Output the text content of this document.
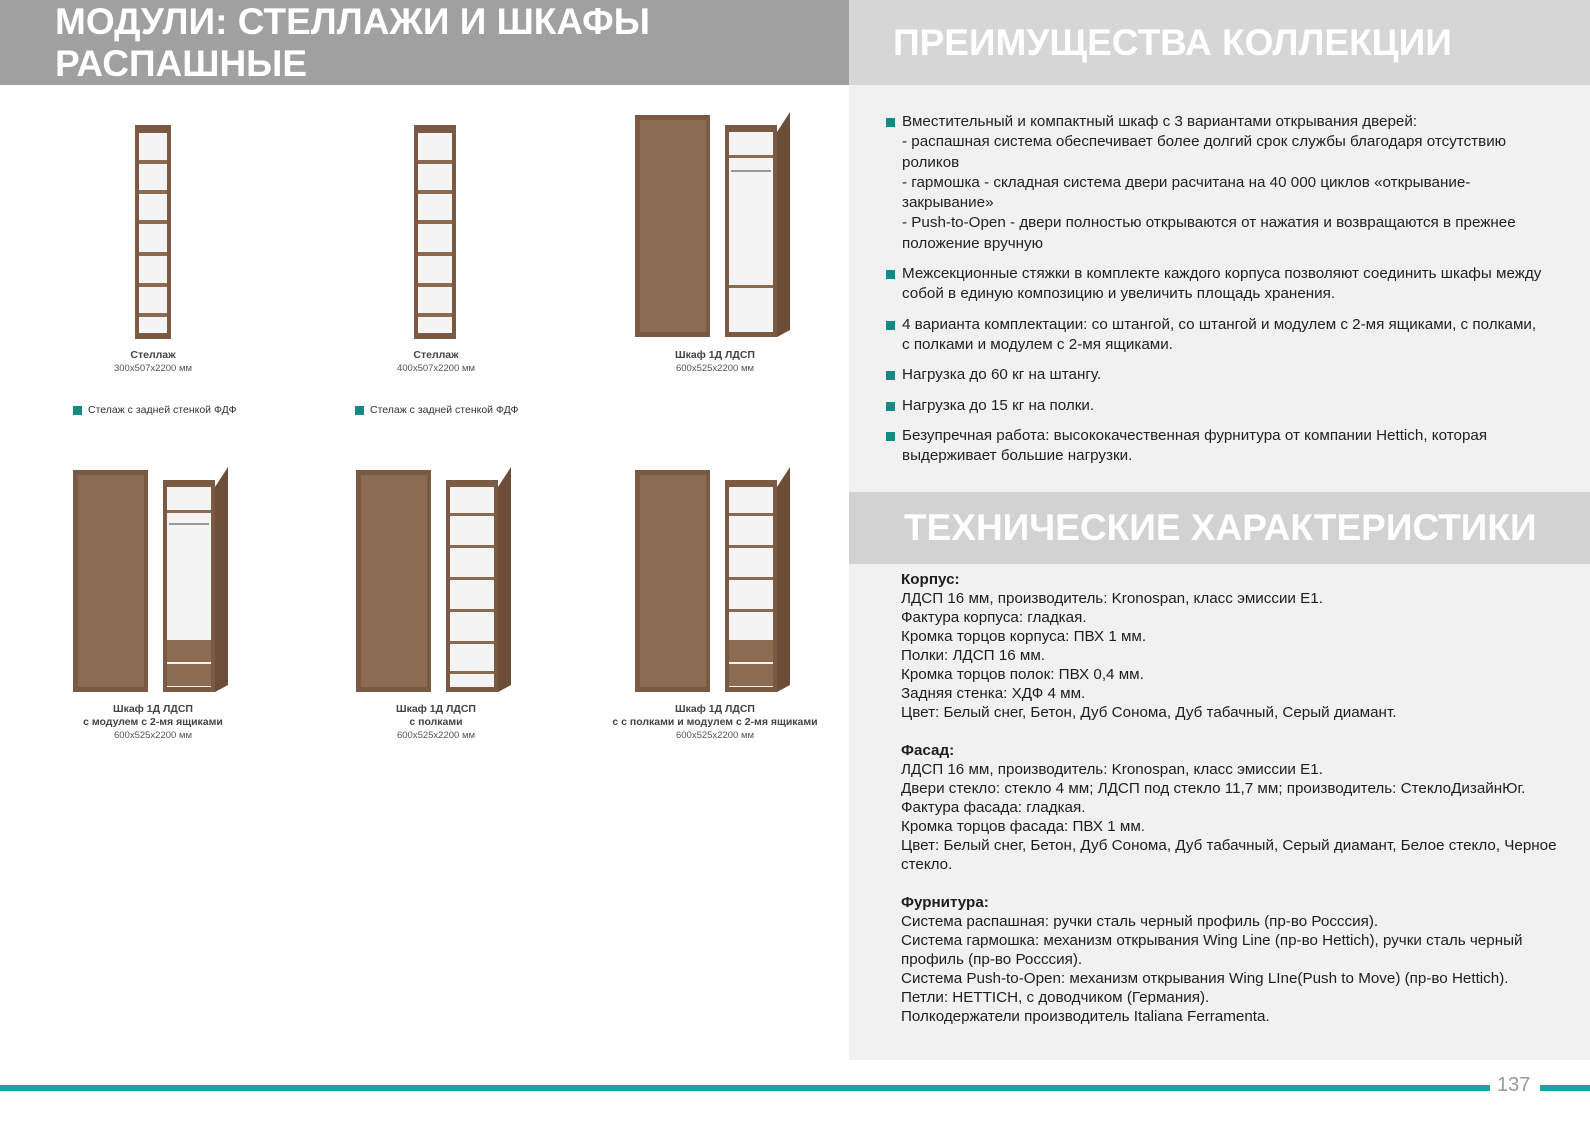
МОДУЛИ: СТЕЛЛАЖИ И ШКАФЫ РАСПАШНЫЕ
ПРЕИМУЩЕСТВА КОЛЛЕКЦИИ
ТЕХНИЧЕСКИЕ ХАРАКТЕРИСТИКИ
Вместительный и компактный шкаф с 3 вариантами открывания дверей:
- распашная система обеспечивает более долгий срок службы благодаря отсутствию роликов
- гармошка - складная система двери расчитана на 40 000 циклов «открывание-закрывание»
- Push-to-Open - двери полностью открываются от нажатия и возвращаются в прежнее положение вручную
Межсекционные стяжки в комплекте каждого корпуса позволяют соединить шкафы между собой в единую композицию и увеличить площадь хранения.
4 варианта комплектации: со штангой, со штангой и модулем с 2-мя ящиками, с полками, с полками и модулем с 2-мя ящиками.
Нагрузка до 60 кг на штангу.
Нагрузка до 15 кг на полки.
Безупречная работа: высококачественная фурнитура от компании Hettich, которая выдерживает большие нагрузки.
Корпус:
ЛДСП 16 мм, производитель: Kronospan, класс эмиссии Е1.
Фактура корпуса: гладкая.
Кромка торцов корпуса: ПВХ 1 мм.
Полки: ЛДСП 16 мм.
Кромка торцов полок: ПВХ 0,4 мм.
Задняя стенка: ХДФ 4 мм.
Цвет: Белый снег, Бетон, Дуб Сонома, Дуб табачный, Серый диамант.
Фасад:
ЛДСП 16 мм, производитель: Kronospan, класс эмиссии Е1.
Двери стекло: стекло 4 мм; ЛДСП под стекло 11,7 мм; производитель: СтеклоДизайнЮг.
Фактура фасада: гладкая.
Кромка торцов фасада: ПВХ 1 мм.
Цвет: Белый снег, Бетон, Дуб Сонома, Дуб табачный, Серый диамант, Белое стекло, Черное стекло.
Фурнитура:
Система распашная: ручки сталь черный профиль (пр-во Росссия).
Система гармошка: механизм открывания Wing Line (пр-во Hettich), ручки сталь черный профиль (пр-во Росссия).
Система Push-to-Open: механизм открывания Wing LIne(Push to Move) (пр-во Hettich).
Петли: HETTICH, с доводчиком (Германия).
Полкодержатели производитель Italiana Ferramenta.
Стеллаж
300x507x2200 мм
Стелаж с задней стенкой ФДФ
Стеллаж
400x507x2200 мм
Стелаж с задней стенкой ФДФ
Шкаф 1Д ЛДСП
600x525x2200 мм
Шкаф 1Д ЛДСП
с модулем с 2-мя ящиками
600x525x2200 мм
Шкаф 1Д ЛДСП
с полками
600x525x2200 мм
Шкаф 1Д ЛДСП
с с полками и модулем с 2-мя ящиками
600x525x2200 мм
137
